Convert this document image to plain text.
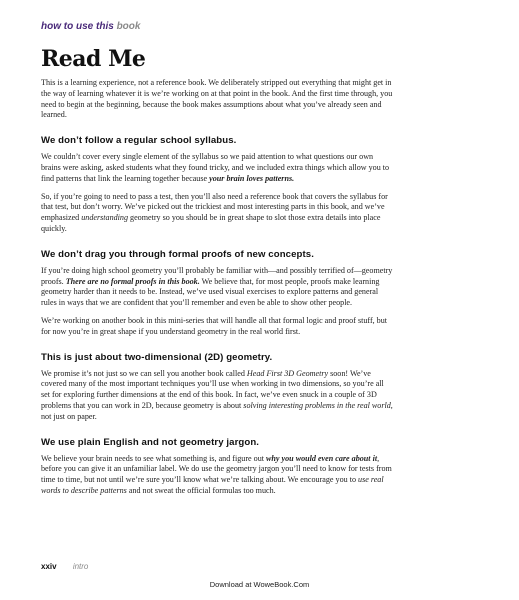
how to use this book
Read Me

This is a learning experience, not a reference book. We deliberately stripped out everything that might get in the way of learning whatever it is we’re working on at that point in the book. And the first time through, you need to begin at the beginning, because the book makes assumptions about what you’ve already seen and learned.

We don’t follow a regular school syllabus.

We couldn’t cover every single element of the syllabus so we paid attention to what questions our own brains were asking, asked students what they found tricky, and we included extra things which allow you to find patterns that link the learning together because your brain loves patterns.

So, if you’re going to need to pass a test, then you’ll also need a reference book that covers the syllabus for that test, but don’t worry. We’ve picked out the trickiest and most interesting parts in this book, and we’ve emphasized understanding geometry so you should be in great shape to slot those extra details into place quickly.

We don’t drag you through formal proofs of new concepts.

If you’re doing high school geometry you’ll probably be familiar with—and possibly terrified of—geometry proofs. There are no formal proofs in this book. We believe that, for most people, proofs make learning geometry harder than it needs to be. Instead, we’ve used visual exercises to explore patterns and general rules in ways that we are confident that you’ll remember and even be able to show other people.

We’re working on another book in this mini-series that will handle all that formal logic and proof stuff, but for now you’re in great shape if you understand geometry in the real world first.

This is just about two-dimensional (2D) geometry.

We promise it’s not just so we can sell you another book called Head First 3D Geometry soon! We’ve covered many of the most important techniques you’ll use when working in two dimensions, so you’re all set for exploring further dimensions at the end of this book. In fact, we’ve even snuck in a couple of 3D problems that you can work in 2D, because geometry is about solving interesting problems in the real world, not just on paper.

We use plain English and not geometry jargon.

We believe your brain needs to see what something is, and figure out why you would even care about it, before you can give it an unfamiliar label. We do use the geometry jargon you’ll need to know for tests from time to time, but not until we’re sure you’ll know what we’re talking about. We encourage you to use real words to describe patterns and not sweat the official formulas too much.

xxiv intro
Download at WoweBook.Com
